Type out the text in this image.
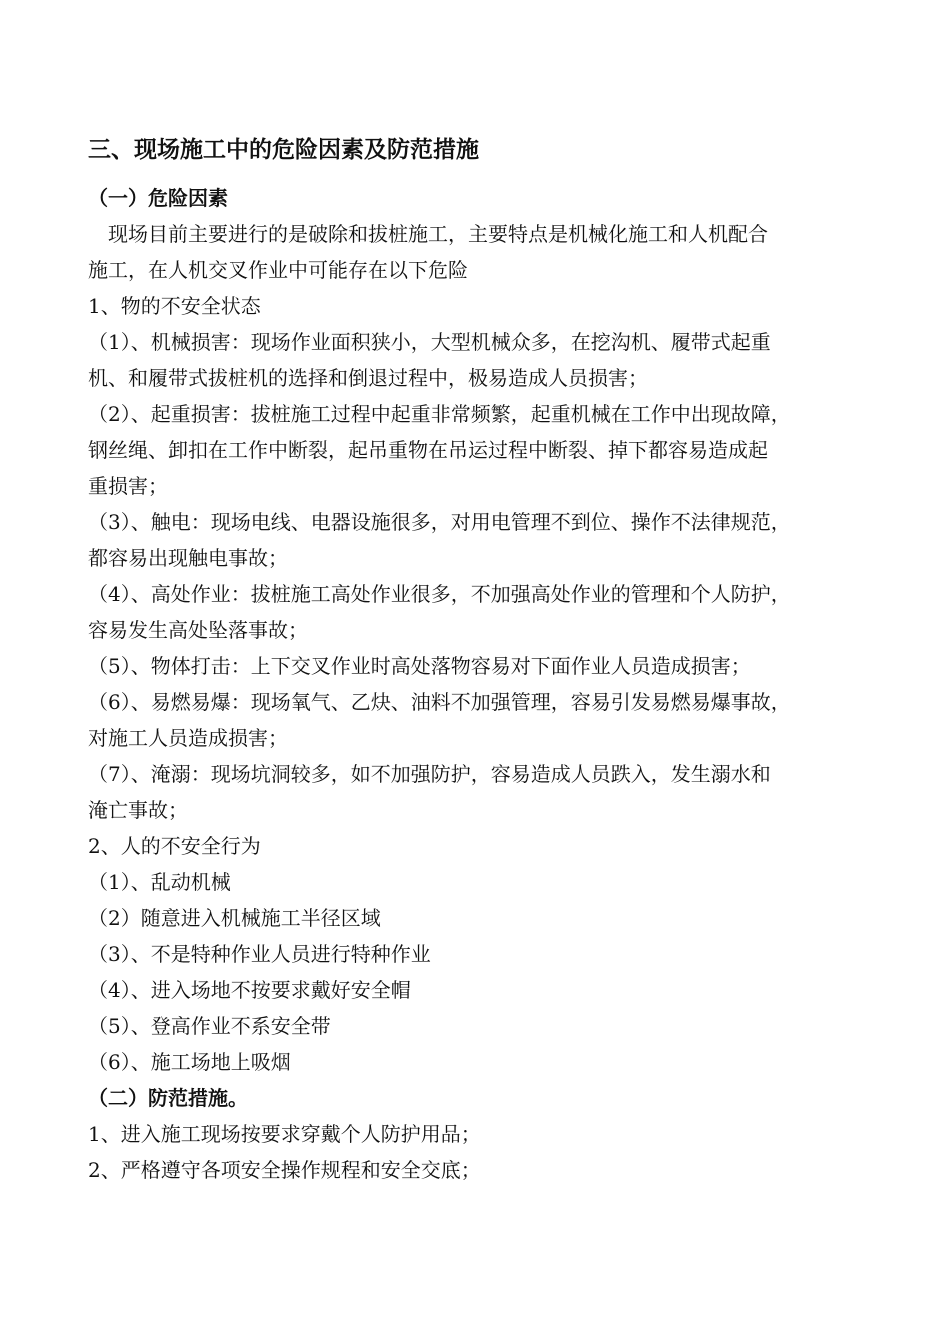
三、现场施工中的危险因素及防范措施
（一）危险因素
现场目前主要进行的是破除和拔桩施工，主要特点是机械化施工和人机配合
施工，在人机交叉作业中可能存在以下危险
1、物的不安全状态
（1）、机械损害：现场作业面积狭小，大型机械众多，在挖沟机、履带式起重
机、和履带式拔桩机的选择和倒退过程中，极易造成人员损害；
（2）、起重损害：拔桩施工过程中起重非常频繁，起重机械在工作中出现故障，
钢丝绳、卸扣在工作中断裂，起吊重物在吊运过程中断裂、掉下都容易造成起
重损害；
（3）、触电：现场电线、电器设施很多，对用电管理不到位、操作不法律规范，
都容易出现触电事故；
（4）、高处作业：拔桩施工高处作业很多，不加强高处作业的管理和个人防护，
容易发生高处坠落事故；
（5）、物体打击：上下交叉作业时高处落物容易对下面作业人员造成损害；
（6）、易燃易爆：现场氧气、乙炔、油料不加强管理，容易引发易燃易爆事故，
对施工人员造成损害；
（7）、淹溺：现场坑洞较多，如不加强防护，容易造成人员跌入，发生溺水和
淹亡事故；
2、人的不安全行为
（1）、乱动机械
（2）随意进入机械施工半径区域
（3）、不是特种作业人员进行特种作业
（4）、进入场地不按要求戴好安全帽
（5）、登高作业不系安全带
（6）、施工场地上吸烟
（二）防范措施。
1、进入施工现场按要求穿戴个人防护用品；
2、严格遵守各项安全操作规程和安全交底；
